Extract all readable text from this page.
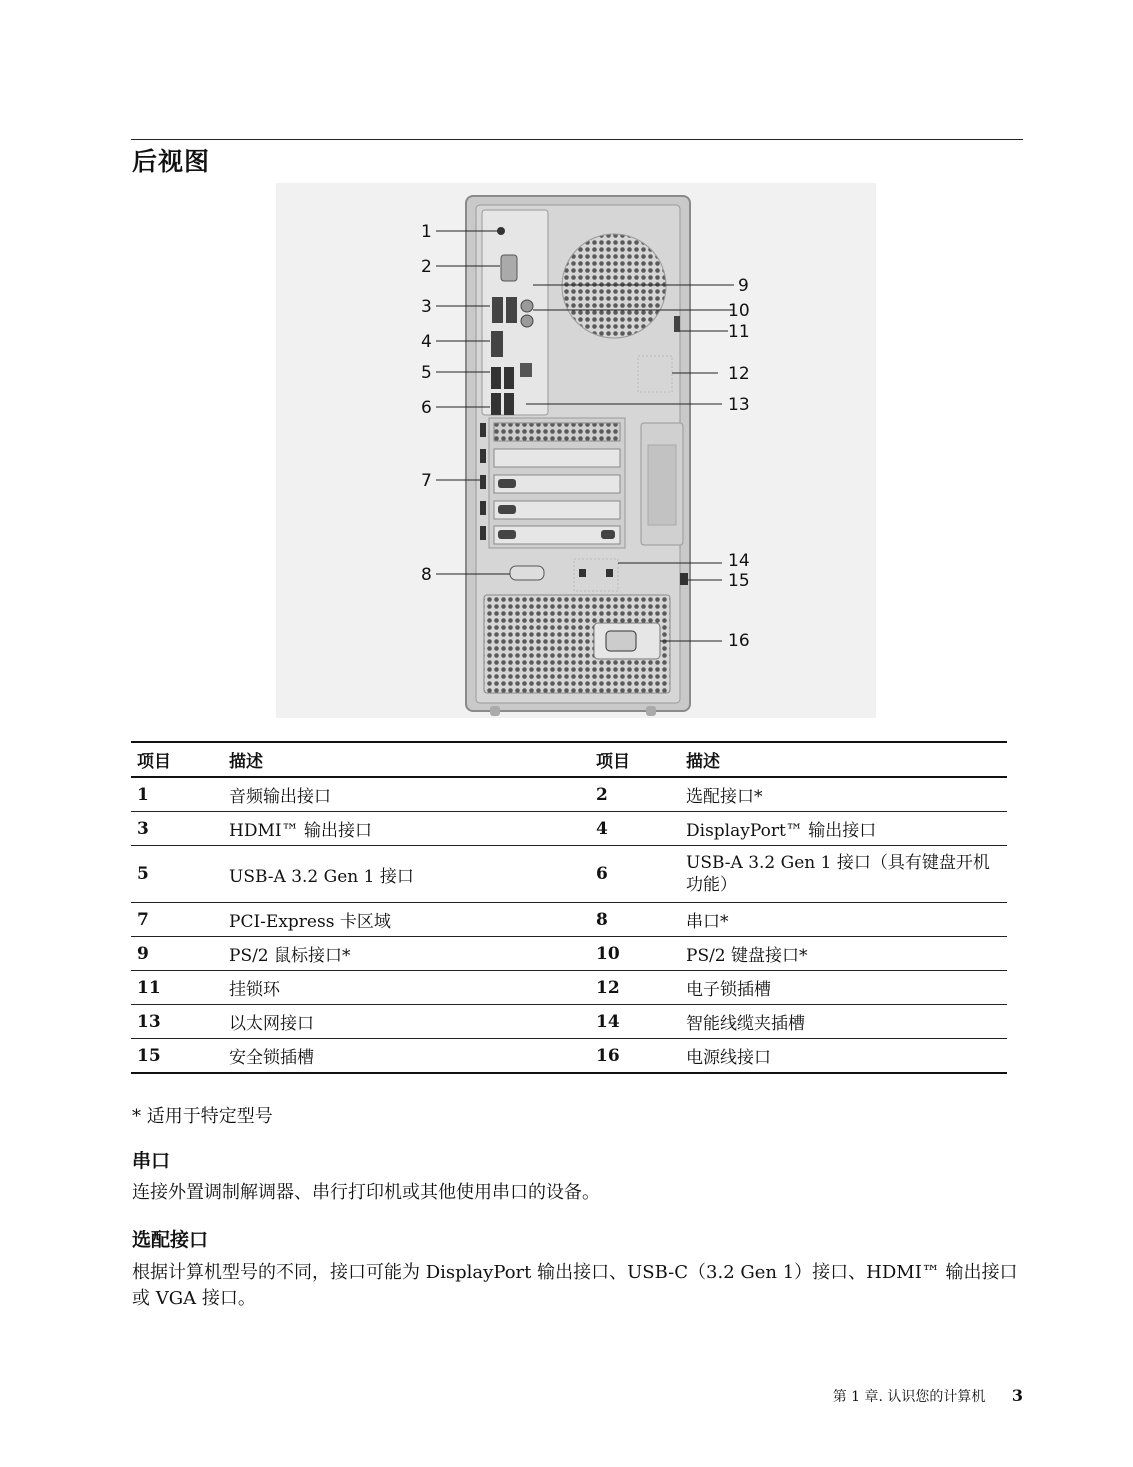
后视图
1
2
3
4
5
6
7
8
9
10
11
12
13
14
15
16
项目	描述	项目	描述
1	音频输出接口	2	选配接口*
3	HDMI™ 输出接口	4	DisplayPort™ 输出接口
5	USB-A 3.2 Gen 1 接口	6	USB-A 3.2 Gen 1 接口（具有键盘开机功能）
7	PCI-Express 卡区域	8	串口*
9	PS/2 鼠标接口*	10	PS/2 键盘接口*
11	挂锁环	12	电子锁插槽
13	以太网接口	14	智能线缆夹插槽
15	安全锁插槽	16	电源线接口
* 适用于特定型号
串口
连接外置调制解调器、串行打印机或其他使用串口的设备。
选配接口
根据计算机型号的不同，接口可能为 DisplayPort 输出接口、USB-C（3.2 Gen 1）接口、HDMI™ 输出接口或 VGA 接口。
第 1 章. 认识您的计算机 3
